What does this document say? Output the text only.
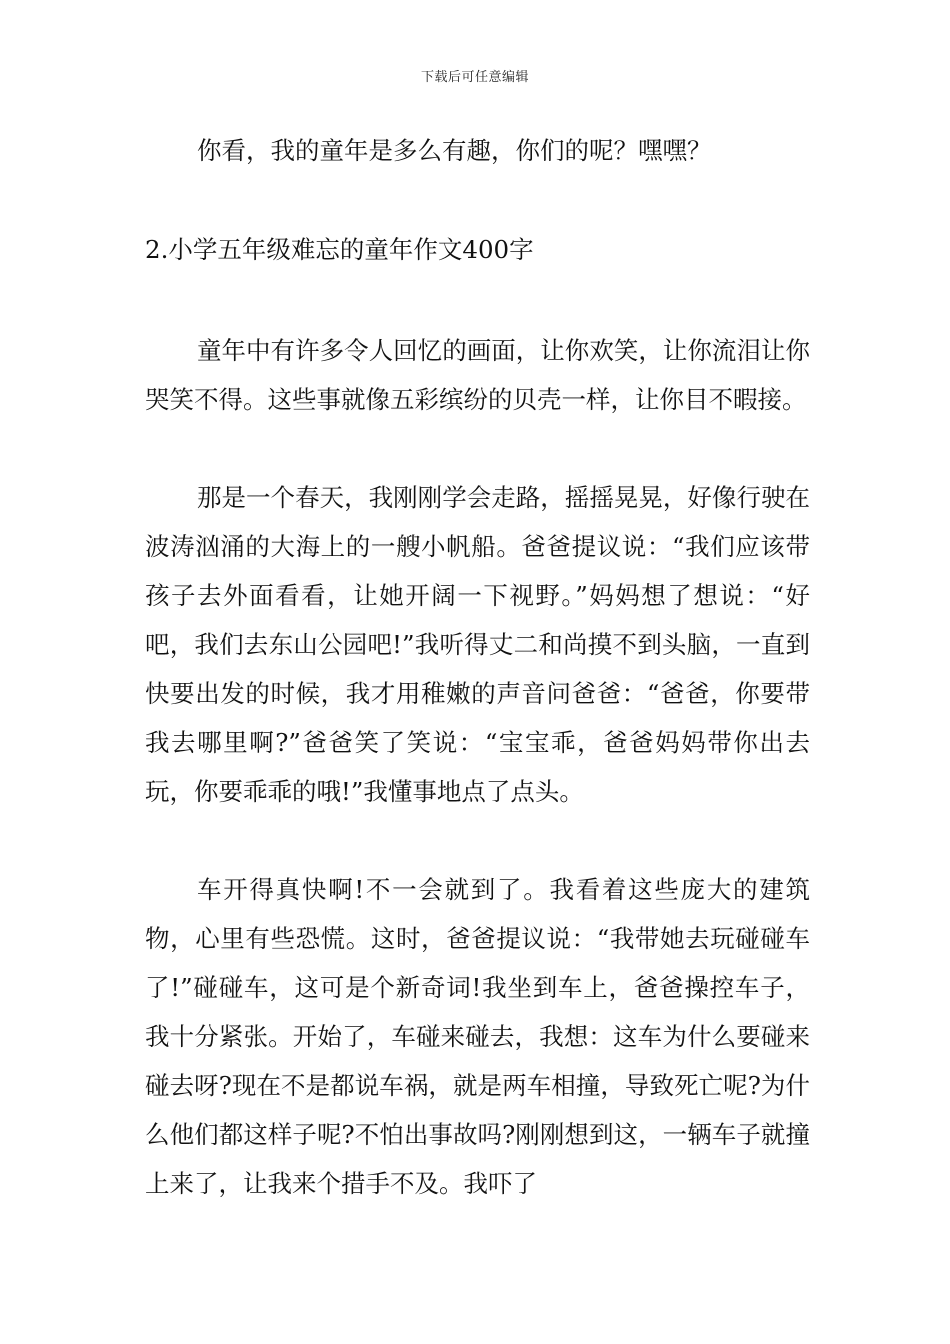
下载后可任意编辑

你看，我的童年是多么有趣，你们的呢？嘿嘿？

2.小学五年级难忘的童年作文400字

童年中有许多令人回忆的画面，让你欢笑，让你流泪让你哭笑不得。这些事就像五彩缤纷的贝壳一样，让你目不暇接。

那是一个春天，我刚刚学会走路，摇摇晃晃，好像行驶在波涛汹涌的大海上的一艘小帆船。爸爸提议说：“我们应该带孩子去外面看看，让她开阔一下视野。”妈妈想了想说：“好吧，我们去东山公园吧!”我听得丈二和尚摸不到头脑，一直到快要出发的时候，我才用稚嫩的声音问爸爸：“爸爸，你要带我去哪里啊?”爸爸笑了笑说：“宝宝乖，爸爸妈妈带你出去玩，你要乖乖的哦!”我懂事地点了点头。

车开得真快啊!不一会就到了。我看着这些庞大的建筑物，心里有些恐慌。这时，爸爸提议说：“我带她去玩碰碰车了!”碰碰车，这可是个新奇词!我坐到车上，爸爸操控车子，我十分紧张。开始了，车碰来碰去，我想：这车为什么要碰来碰去呀?现在不是都说车祸，就是两车相撞，导致死亡呢?为什么他们都这样子呢?不怕出事故吗?刚刚想到这，一辆车子就撞上来了，让我来个措手不及。我吓了
